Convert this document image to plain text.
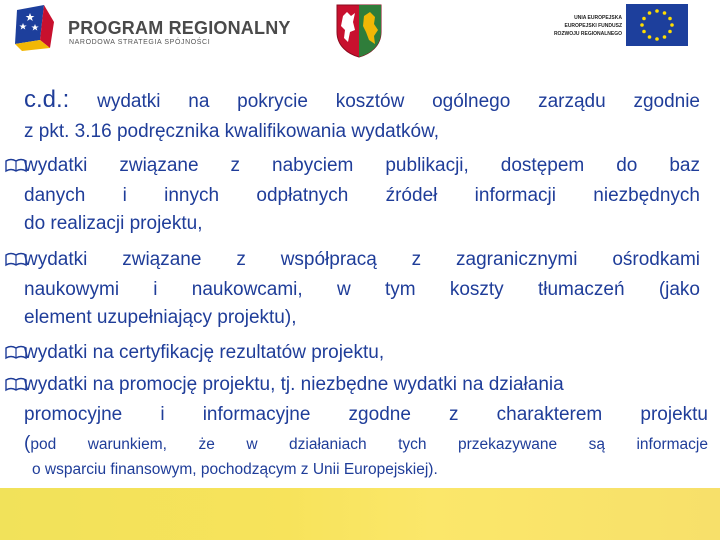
PROGRAM REGIONALNY
NARODOWA STRATEGIA SPÓJNOŚCI
UNIA EUROPEJSKA
EUROPEJSKI FUNDUSZ
ROZWOJU REGIONALNEGO
c.d.: wydatki na pokrycie kosztów ogólnego zarządu zgodnie
z pkt. 3.16 podręcznika kwalifikowania wydatków,
wydatki związane z nabyciem publikacji, dostępem do baz
danych i innych odpłatnych źródeł informacji niezbędnych
do realizacji projektu,
wydatki związane z współpracą z zagranicznymi ośrodkami
naukowymi i naukowcami, w tym koszty tłumaczeń (jako
element uzupełniający projektu),
wydatki na certyfikację rezultatów projektu,
wydatki na promocję projektu, tj. niezbędne wydatki na działania
promocyjne i informacyjne zgodne z charakterem projektu
(pod warunkiem, że w działaniach tych przekazywane są informacje
o wsparciu finansowym, pochodzącym z Unii Europejskiej).
